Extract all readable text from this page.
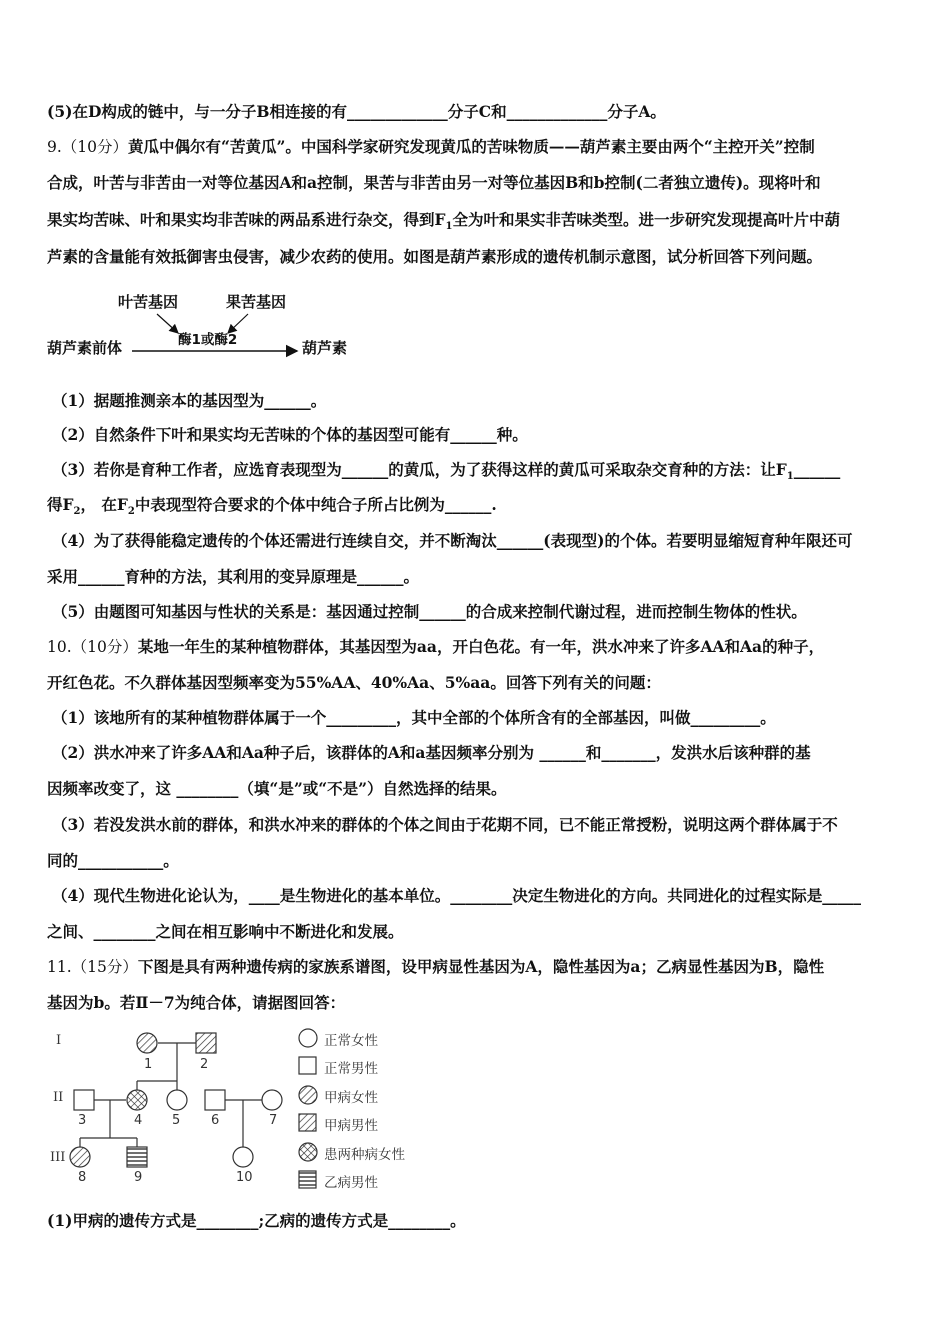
(5)在D构成的链中，与一分子B相连接的有_____________分子C和_____________分子A。
9.（10分）黄瓜中偶尔有“苦黄瓜”。中国科学家研究发现黄瓜的苦味物质——葫芦素主要由两个“主控开关”控制
合成，叶苦与非苦由一对等位基因A和a控制，果苦与非苦由另一对等位基因B和b控制(二者独立遗传)。现将叶和
果实均苦味、叶和果实均非苦味的两品系进行杂交，得到$F_1$全为叶和果实非苦味类型。进一步研究发现提高叶片中葫
芦素的含量能有效抵御害虫侵害，减少农药的使用。如图是葫芦素形成的遗传机制示意图，试分析回答下列问题。
叶苦基因	果苦基因
酶1或酶2
葫芦素前体	葫芦素
（1）据题推测亲本的基因型为______。
（2）自然条件下叶和果实均无苦味的个体的基因型可能有______种。
（3）若你是育种工作者，应选育表现型为______的黄瓜，为了获得这样的黄瓜可采取杂交育种的方法：让$F_1\_\_\_\_\_\_$
得$F_2$， 在$F_2$中表现型符合要求的个体中纯合子所占比例为______.
（4）为了获得能稳定遗传的个体还需进行连续自交，并不断淘汰______(表现型)的个体。若要明显缩短育种年限还可
采用______育种的方法，其利用的变异原理是______。
（5）由题图可知基因与性状的关系是：基因通过控制______的合成来控制代谢过程，进而控制生物体的性状。
10.（10分）某地一年生的某种植物群体，其基因型为aa，开白色花。有一年，洪水冲来了许多AA和Aa的种子，
开红色花。不久群体基因型频率变为55%AA、40%Aa、5%aa。回答下列有关的问题：
（1）该地所有的某种植物群体属于一个_________，其中全部的个体所含有的全部基因，叫做_________。
（2）洪水冲来了许多AA和Aa种子后，该群体的A和a基因频率分别为 ______和_______，发洪水后该种群的基
因频率改变了，这 ________（填“是”或“不是”）自然选择的结果。
（3）若没发洪水前的群体，和洪水冲来的群体的个体之间由于花期不同，已不能正常授粉，说明这两个群体属于不
同的___________。
（4）现代生物进化论认为，____是生物进化的基本单位。________决定生物进化的方向。共同进化的过程实际是_____
之间、________之间在相互影响中不断进化和发展。
11.（15分）下图是具有两种遗传病的家族系谱图，设甲病显性基因为A，隐性基因为a；乙病显性基因为B，隐性
基因为b。若Ⅱ－7为纯合体，请据图回答：
I
II
III
1	2
3	4 5 6	7
8	9	10
正常女性
正常男性
甲病女性
甲病男性
患两种病女性
乙病男性
(1)甲病的遗传方式是________;乙病的遗传方式是________。
